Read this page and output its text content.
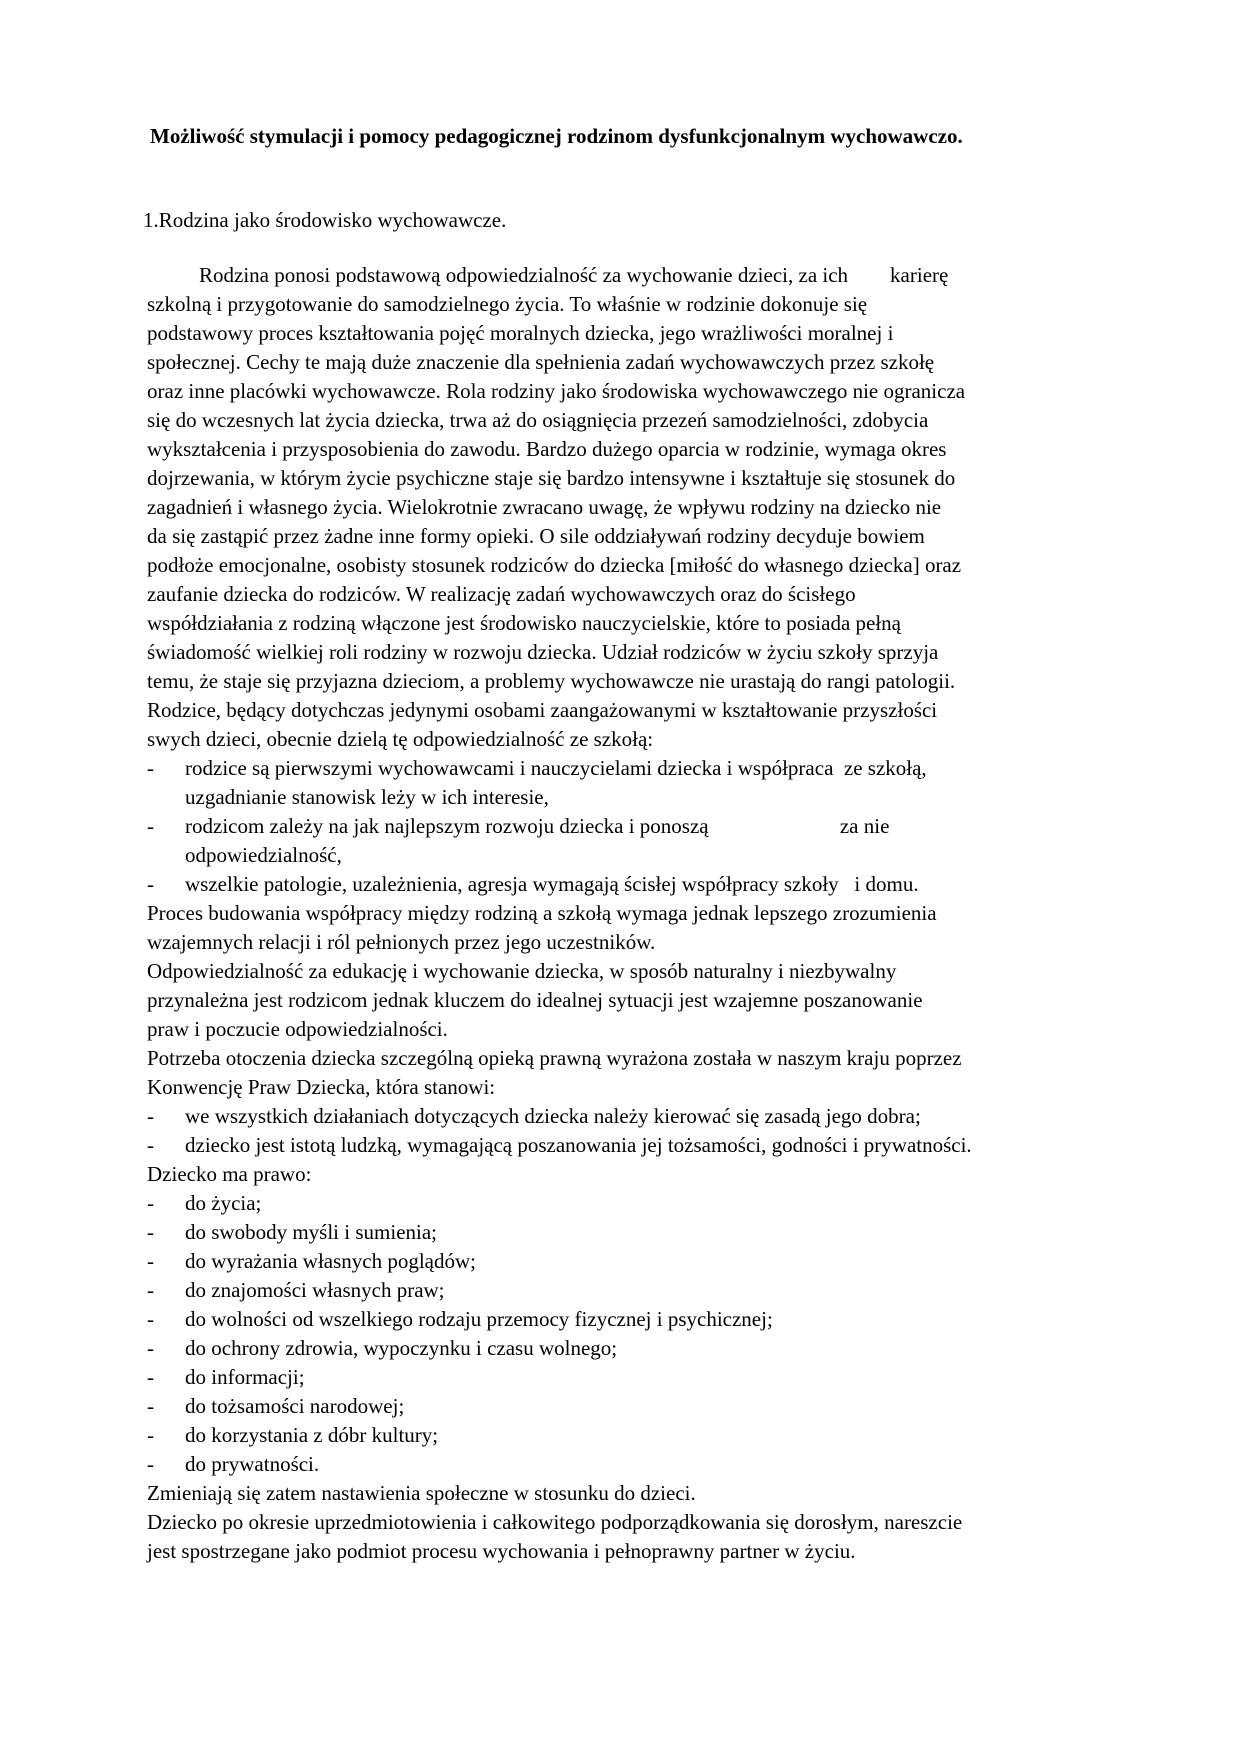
Możliwość stymulacji i pomocy pedagogicznej rodzinom dysfunkcjonalnym wychowawczo.
1.Rodzina jako środowisko wychowawcze.
Rodzina ponosi podstawową odpowiedzialność za wychowanie dzieci, za ich        karierę
szkolną i przygotowanie do samodzielnego życia. To właśnie w rodzinie dokonuje się
podstawowy proces kształtowania pojęć moralnych dziecka, jego wrażliwości moralnej i
społecznej. Cechy te mają duże znaczenie dla spełnienia zadań wychowawczych przez szkołę
oraz inne placówki wychowawcze. Rola rodziny jako środowiska wychowawczego nie ogranicza
się do wczesnych lat życia dziecka, trwa aż do osiągnięcia przezeń samodzielności, zdobycia
wykształcenia i przysposobienia do zawodu. Bardzo dużego oparcia w rodzinie, wymaga okres
dojrzewania, w którym życie psychiczne staje się bardzo intensywne i kształtuje się stosunek do
zagadnień i własnego życia. Wielokrotnie zwracano uwagę, że wpływu rodziny na dziecko nie
da się zastąpić przez żadne inne formy opieki. O sile oddziaływań rodziny decyduje bowiem
podłoże emocjonalne, osobisty stosunek rodziców do dziecka [miłość do własnego dziecka] oraz
zaufanie dziecka do rodziców. W realizację zadań wychowawczych oraz do ścisłego
współdziałania z rodziną włączone jest środowisko nauczycielskie, które to posiada pełną
świadomość wielkiej roli rodziny w rozwoju dziecka. Udział rodziców w życiu szkoły sprzyja
temu, że staje się przyjazna dzieciom, a problemy wychowawcze nie urastają do rangi patologii.
Rodzice, będący dotychczas jedynymi osobami zaangażowanymi w kształtowanie przyszłości
swych dzieci, obecnie dzielą tę odpowiedzialność ze szkołą:
- rodzice są pierwszymi wychowawcami i nauczycielami dziecka i współpraca  ze szkołą,
uzgadnianie stanowisk leży w ich interesie,
- rodzicom zależy na jak najlepszym rozwoju dziecka i ponoszą                         za nie
odpowiedzialność,
- wszelkie patologie, uzależnienia, agresja wymagają ścisłej współpracy szkoły   i domu.
Proces budowania współpracy między rodziną a szkołą wymaga jednak lepszego zrozumienia
wzajemnych relacji i ról pełnionych przez jego uczestników.
Odpowiedzialność za edukację i wychowanie dziecka, w sposób naturalny i niezbywalny
przynależna jest rodzicom jednak kluczem do idealnej sytuacji jest wzajemne poszanowanie
praw i poczucie odpowiedzialności.
Potrzeba otoczenia dziecka szczególną opieką prawną wyrażona została w naszym kraju poprzez
Konwencję Praw Dziecka, która stanowi:
- we wszystkich działaniach dotyczących dziecka należy kierować się zasadą jego dobra;
- dziecko jest istotą ludzką, wymagającą poszanowania jej tożsamości, godności i prywatności.
Dziecko ma prawo:
- do życia;
- do swobody myśli i sumienia;
- do wyrażania własnych poglądów;
- do znajomości własnych praw;
- do wolności od wszelkiego rodzaju przemocy fizycznej i psychicznej;
- do ochrony zdrowia, wypoczynku i czasu wolnego;
- do informacji;
- do tożsamości narodowej;
- do korzystania z dóbr kultury;
- do prywatności.
Zmieniają się zatem nastawienia społeczne w stosunku do dzieci.
Dziecko po okresie uprzedmiotowienia i całkowitego podporządkowania się dorosłym, nareszcie
jest spostrzegane jako podmiot procesu wychowania i pełnoprawny partner w życiu.
